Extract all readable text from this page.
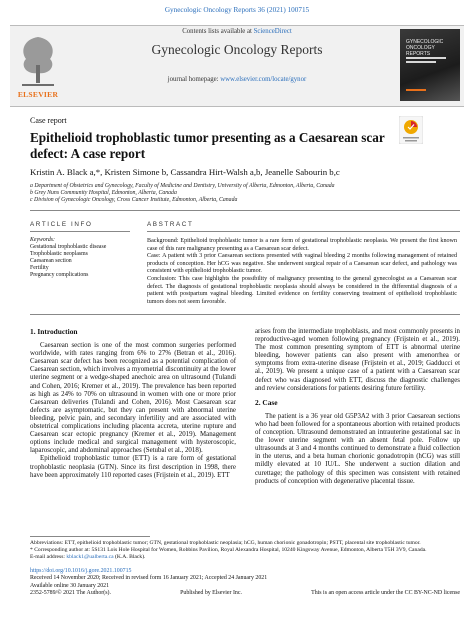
Gynecologic Oncology Reports 36 (2021) 100715
ELSEVIER
Contents lists available at ScienceDirect
Gynecologic Oncology Reports
journal homepage: www.elsevier.com/locate/gynor
GYNECOLOGIC ONCOLOGY REPORTS
Case report
Epithelioid trophoblastic tumor presenting as a Caesarean scar defect: A case report
Kristin A. Black a,*, Kristen Simone b, Cassandra Hirt-Walsh a,b, Jeanelle Sabourin b,c
a Department of Obstetrics and Gynecology, Faculty of Medicine and Dentistry, University of Alberta, Edmonton, Alberta, Canada
b Grey Nuns Community Hospital, Edmonton, Alberta, Canada
c Division of Gynecologic Oncology, Cross Cancer Institute, Edmonton, Alberta, Canada
ARTICLE INFO	ABSTRACT
Keywords:
Gestational trophoblastic disease
Trophoblastic neoplasms
Caesarean section
Fertility
Pregnancy complications

Background: Epithelioid trophoblastic tumor is a rare form of gestational trophoblastic neoplasia. We present the first known case of this rare malignancy presenting as a Caesarean scar defect.

Case: A patient with 3 prior Caesarean sections presented with vaginal bleeding 2 months following management of retained products of conception. Her hCG was negative. She underwent surgical repair of a Caesarean scar defect, and pathology was consistent with epithelioid trophoblastic tumor.

Conclusion: This case highlights the possibility of malignancy presenting to the general gynecologist as a Caesarean scar defect. The diagnosis of gestational trophoblastic neoplasia should always be considered in the differential diagnosis of a patient with postpartum vaginal bleeding. Limited evidence on fertility conserving treatment of epithelioid trophoblastic tumors does not seem favorable.

1. Introduction

Caesarean section is one of the most common surgeries performed worldwide, with rates ranging from 6% to 27% (Betran et al., 2016). Caesarean scar defect has been recognized as a potential complication of Caesarean section, which involves a myometrial discontinuity at the lower uterine segment or a wedge-shaped anechoic area on ultrasound (Tulandi and Cohen, 2016; Kremer et al., 2019). The prevalence has been reported as high as 24% to 70% on ultrasound in women with one or more prior Caesarean deliveries (Tulandi and Cohen, 2016). Most Caesarean scar defects are asymptomatic, but they can present with abnormal uterine bleeding, pelvic pain, and secondary infertility and are associated with obstetrical complications including placenta accreta, uterine rupture and Caesarean scar ectopic pregnancy (Kremer et al., 2019). Management options include medical and surgical management with hysteroscopic, laparoscopic, and abdominal approaches (Setubal et al., 2018).

Epithelioid trophoblastic tumor (ETT) is a rare form of gestational trophoblastic neoplasia (GTN). Since its first description in 1998, there have been approximately 110 reported cases (Frijstein et al., 2019). ETT

arises from the intermediate trophoblasts, and most commonly presents in reproductive-aged women following pregnancy (Frijstein et al., 2019). The most common presenting symptom of ETT is abnormal uterine bleeding, however patients can also present with amenorrhea or symptoms from extra-uterine disease (Frijstein et al., 2019; Gadducci et al., 2019). We present a unique case of a patient with a Caesarean scar defect who was diagnosed with ETT, discuss the diagnostic challenges and review considerations for patients desiring future fertility.

2. Case

The patient is a 36 year old G5P3A2 with 3 prior Caesarean sections who had been followed for a spontaneous abortion with retained products of conception. Ultrasound demonstrated an intrauterine gestational sac in the lower uterine segment with an absent fetal pole. Follow up ultrasounds at 3 and 4 months continued to demonstrate a fluid collection in the uterus, and a beta human chorionic gonadotropin (hCG) was still mildly elevated at 10 IU/L. She underwent a suction dilation and curettage; the pathology of this specimen was consistent with retained products of conception with degenerative placental tissue.

Abbreviations: ETT, epithelioid trophoblastic tumor; GTN, gestational trophoblastic neoplasia; hCG, human chorionic gonadotropin; PSTT, placental site trophoblastic tumor.

* Corresponding author at: 5S131 Lois Hole Hospital for Women, Robbins Pavilion, Royal Alexandra Hospital, 10240 Kingsway Avenue, Edmonton, Alberta T5H 3V9, Canada.

E-mail address: kblack1@ualberta.ca (K.A. Black).

https://doi.org/10.1016/j.gore.2021.100715

Received 14 November 2020; Received in revised form 16 January 2021; Accepted 24 January 2021

Available online 30 January 2021

2352-5789/© 2021 The Author(s).	Published by Elsevier Inc.	This is an open access article under the CC BY-NC-ND license
